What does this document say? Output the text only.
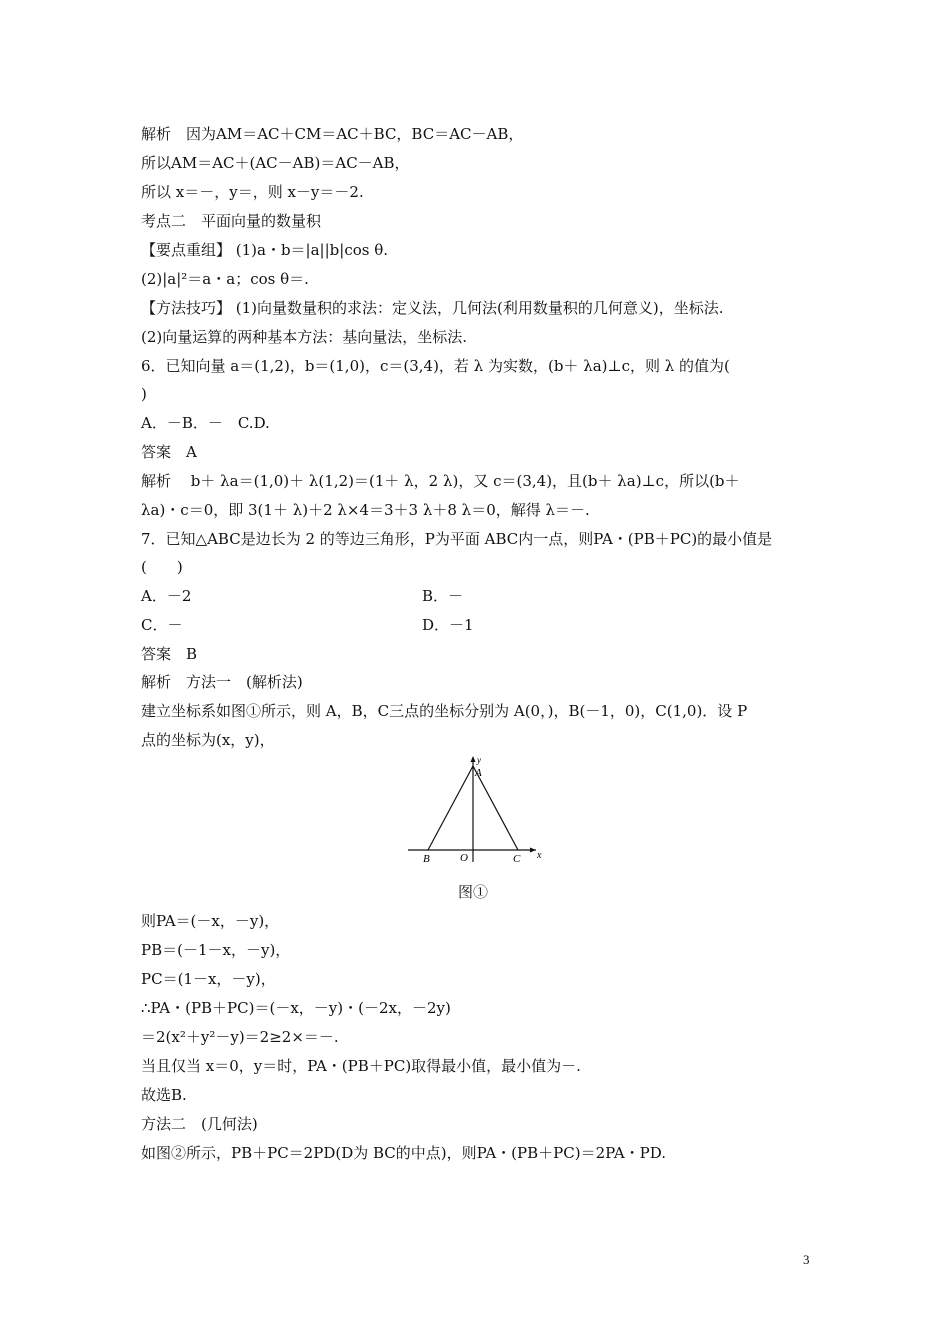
解析　因为AM＝AC＋CM＝AC＋BC，BC＝AC－AB，
所以AM＝AC＋(AC－AB)＝AC－AB，
所以 x＝－，y＝，则 x－y＝－2.
考点二　平面向量的数量积
【要点重组】 (1)a・b＝|a||b|cos θ.
(2)|a|²＝a・a；cos θ＝.
【方法技巧】 (1)向量数量积的求法：定义法，几何法(利用数量积的几何意义)，坐标法.
(2)向量运算的两种基本方法：基向量法，坐标法.
6．已知向量 a＝(1,2)，b＝(1,0)，c＝(3,4)，若 λ 为实数，(b＋ λa)⊥c，则 λ 的值为(
)
A．－B．－　C.D.
答案　A
解析　 b＋ λa＝(1,0)＋ λ(1,2)＝(1＋ λ，2 λ)，又 c＝(3,4)，且(b＋ λa)⊥c，所以(b＋
λa)・c＝0，即 3(1＋ λ)＋2 λ×4＝3＋3 λ＋8 λ＝0，解得 λ＝－.
7．已知△ABC是边长为 2 的等边三角形，P为平面 ABC内一点，则PA・(PB＋PC)的最小值是
(　　)
A．－2	B．－
C．－	D．－1
答案　B
解析　方法一　(解析法)
建立坐标系如图①所示，则 A，B，C三点的坐标分别为 A(0，)，B(－1，0)，C(1,0)．设 P
点的坐标为(x，y)，
y
A
B	O	C x
图①
则PA＝(－x，－y)，
PB＝(－1－x，－y)，
PC＝(1－x，－y)，
∴PA・(PB＋PC)＝(－x，－y)・(－2x，－2y)
＝2(x²＋y²－y)＝2≥2×＝－.
当且仅当 x＝0，y＝时，PA・(PB＋PC)取得最小值，最小值为－.
故选B.
方法二　(几何法)
如图②所示，PB＋PC＝2PD(D为 BC的中点)，则PA・(PB＋PC)＝2PA・PD.
3
